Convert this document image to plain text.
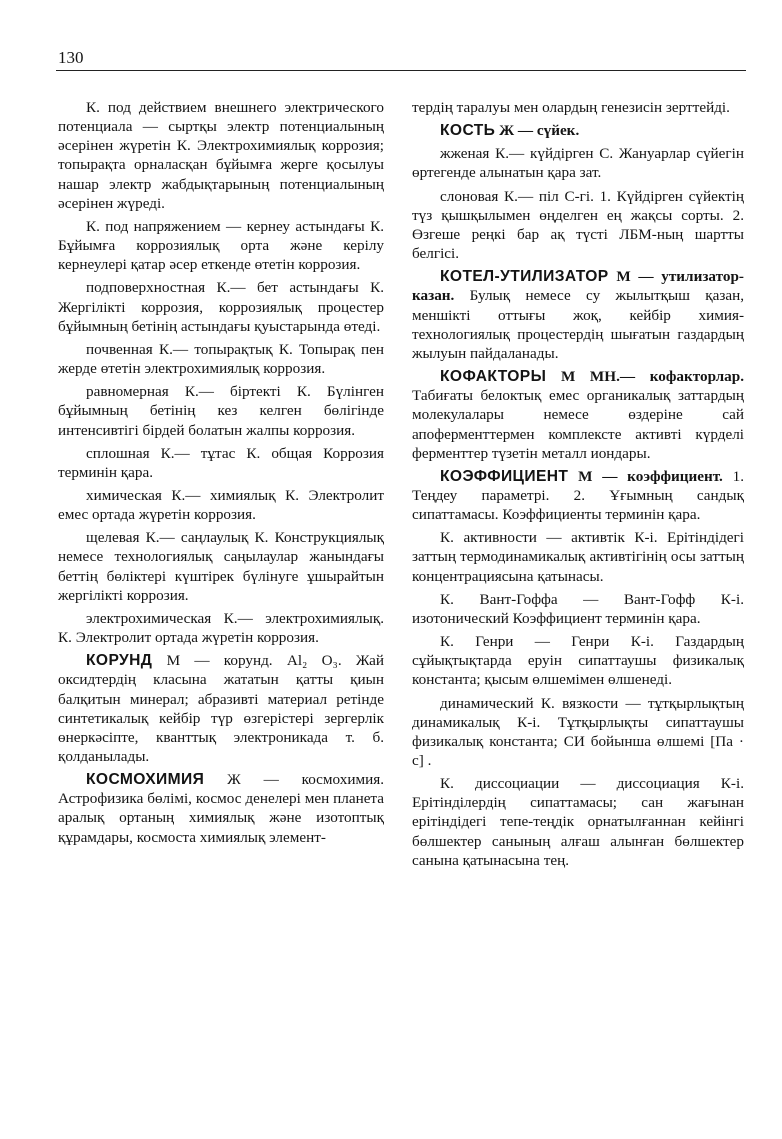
130

К. под действием внешнего электрического потенциала — сыртқы электр потенциалының әсерінен жүретін К. Электрохимиялық коррозия; топырақта орналасқан бұйымға жерге қосылуы нашар электр жабдықтарының потенциалының әсерінен жүреді.

К. под напряжением — кернеу астындағы К. Бұйымға коррозиялық орта және керілу кернеулері қатар әсер еткенде өтетін коррозия.

подповерхностная К.— бет астындағы К. Жергілікті коррозия, коррозиялық процестер бұйымның бетінің астындағы қуыстарында өтеді.

почвенная К.— топырақтық К. Топырақ пен жерде өтетін электрохимиялық коррозия.

равномерная К.— біртекті К. Бүлінген бұйымның бетінің кез келген бөлігінде интенсивтігі бірдей болатын жалпы коррозия.

сплошная К.— тұтас К. общая Коррозия терминін қара.

химическая К.— химиялық К. Электролит емес ортада жүретін коррозия.

щелевая К.— саңлаулық К. Конструкциялық немесе технологиялық саңылаулар жанындағы беттің бөліктері күштірек бүлінуге ұшырайтын жергілікті коррозия.

электрохимическая К.— электрохимиялық. К. Электролит ортада жүретін коррозия.

КОРУНД М — корунд. Al₂ O₃. Жай оксидтердің класына жататын қатты қиын балқитын минерал; абразивті материал ретінде синтетикалық кейбір түр өзгерістері зергерлік өнеркәсіпте, кванттық электроникада т. б. қолданылады.

КОСМОХИМИЯ Ж — космохимия. Астрофизика бөлімі, космос денелері мен планета аралық ортаның химиялық және изотоптық құрамдары, космоста химиялық элемент-

тердің таралуы мен олардың генезисін зерттейді.

КОСТЬ Ж — сүйек.

жженая К.— күйдірген С. Жануарлар сүйегін өртегенде алынатын қара зат.

слоновая К.— піл С-гі. 1. Күйдірген сүйектің түз қышқылымен өңделген ең жақсы сорты. 2. Өзгеше реңкі бар ақ түсті ЛБМ-ның шартты белгісі.

КОТЕЛ-УТИЛИЗАТОР М — утилизатор-казан. Булық немесе су жылытқыш қазан, меншікті оттығы жоқ, кейбір химия-технологиялық процестердің шығатын газдардың жылуын пайдаланады.

КОФАКТОРЫ М МН.— кофакторлар. Табиғаты белоктық емес органикалық заттардың молекулалары немесе өздеріне сай апоферменттермен комплексте активті күрделі ферменттер түзетін металл иондары.

КОЭФФИЦИЕНТ М — коэффициент. 1. Теңдеу параметрі. 2. Ұғымның сандық сипаттамасы. Коэффициенты терминін қара.

К. активности — активтік К-і. Ерітіндідегі заттың термодинамикалық активтігінің осы заттың концентрациясына қатынасы.

К. Вант-Гоффа — Вант-Гофф К-і. изотонический Коэффициент терминін қара.

К. Генри — Генри К-і. Газдардың сұйықтықтарда еруін сипаттаушы физикалық константа; қысым өлшемімен өлшенеді.

динамический К. вязкости — тұтқырлықтың динамикалық К-і. Тұтқырлықты сипаттаушы физикалық константа; СИ бойынша өлшемі [Па · с] .

К. диссоциации — диссоциация К-і. Ерітінділердің сипаттамасы; сан жағынан ерітіндідегі тепе-теңдік орнатылғаннан кейінгі бөлшектер санының алғаш алынған бөлшектер санына қатынасына тең.
